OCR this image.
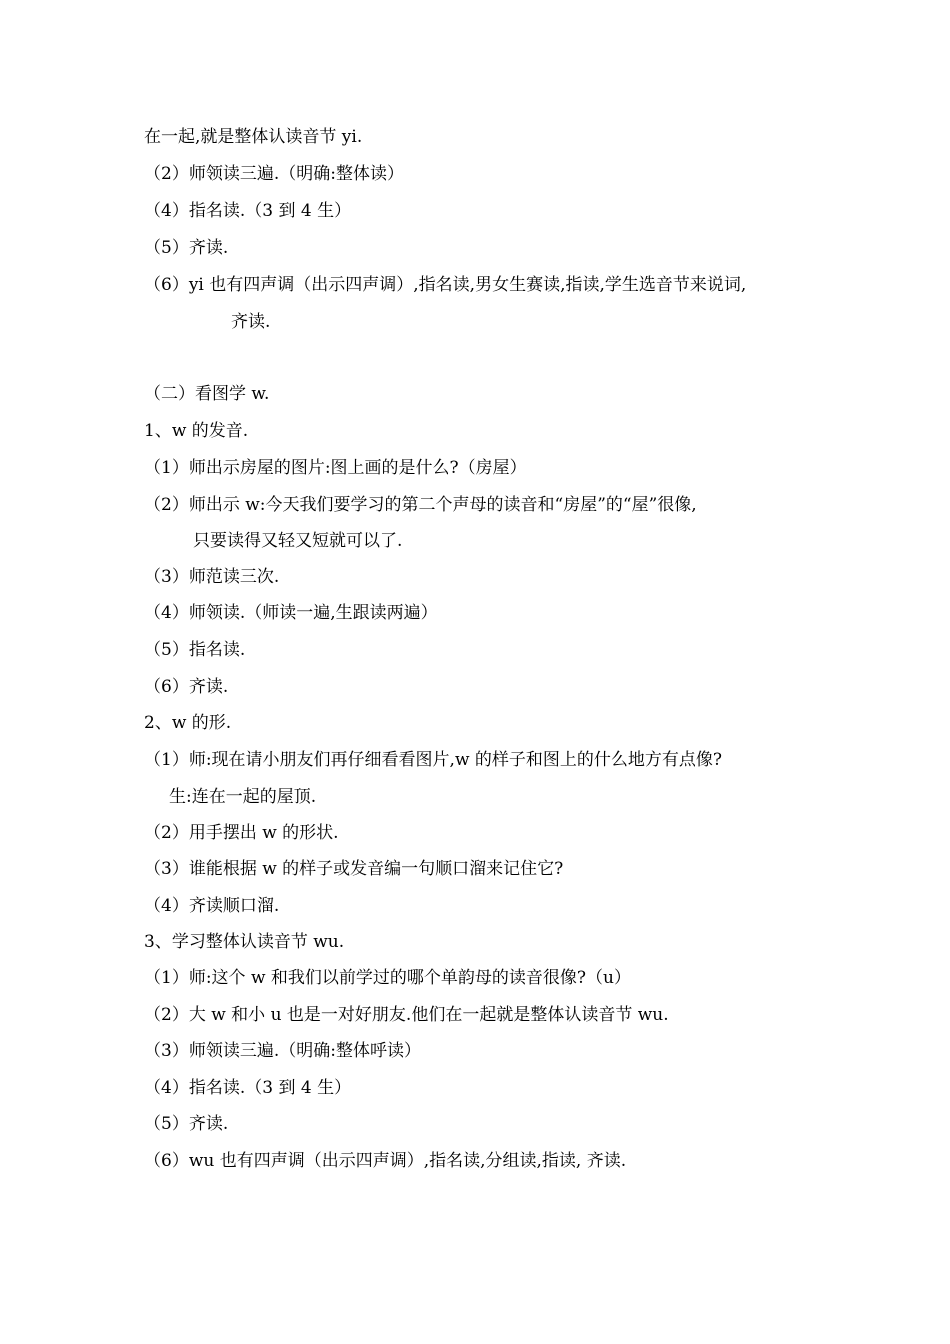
在一起,就是整体认读音节 yi.
（2）师领读三遍.（明确:整体读）
（4）指名读.（3 到 4 生）
（5）齐读.
（6）yi 也有四声调（出示四声调）,指名读,男女生赛读,指读,学生选音节来说词,
齐读.
（二）看图学 w.
1、w 的发音.
（1）师出示房屋的图片:图上画的是什么?（房屋）
（2）师出示 w:今天我们要学习的第二个声母的读音和“房屋”的“屋”很像,
只要读得又轻又短就可以了.
（3）师范读三次.
（4）师领读.（师读一遍,生跟读两遍）
（5）指名读.
（6）齐读.
2、w 的形.
（1）师:现在请小朋友们再仔细看看图片,w 的样子和图上的什么地方有点像?
生:连在一起的屋顶.
（2）用手摆出 w 的形状.
（3）谁能根据 w 的样子或发音编一句顺口溜来记住它?
（4）齐读顺口溜.
3、学习整体认读音节 wu.
（1）师:这个 w 和我们以前学过的哪个单韵母的读音很像?（u）
（2）大 w 和小 u 也是一对好朋友.他们在一起就是整体认读音节 wu.
（3）师领读三遍.（明确:整体呼读）
（4）指名读.（3 到 4 生）
（5）齐读.
（6）wu 也有四声调（出示四声调）,指名读,分组读,指读, 齐读.
